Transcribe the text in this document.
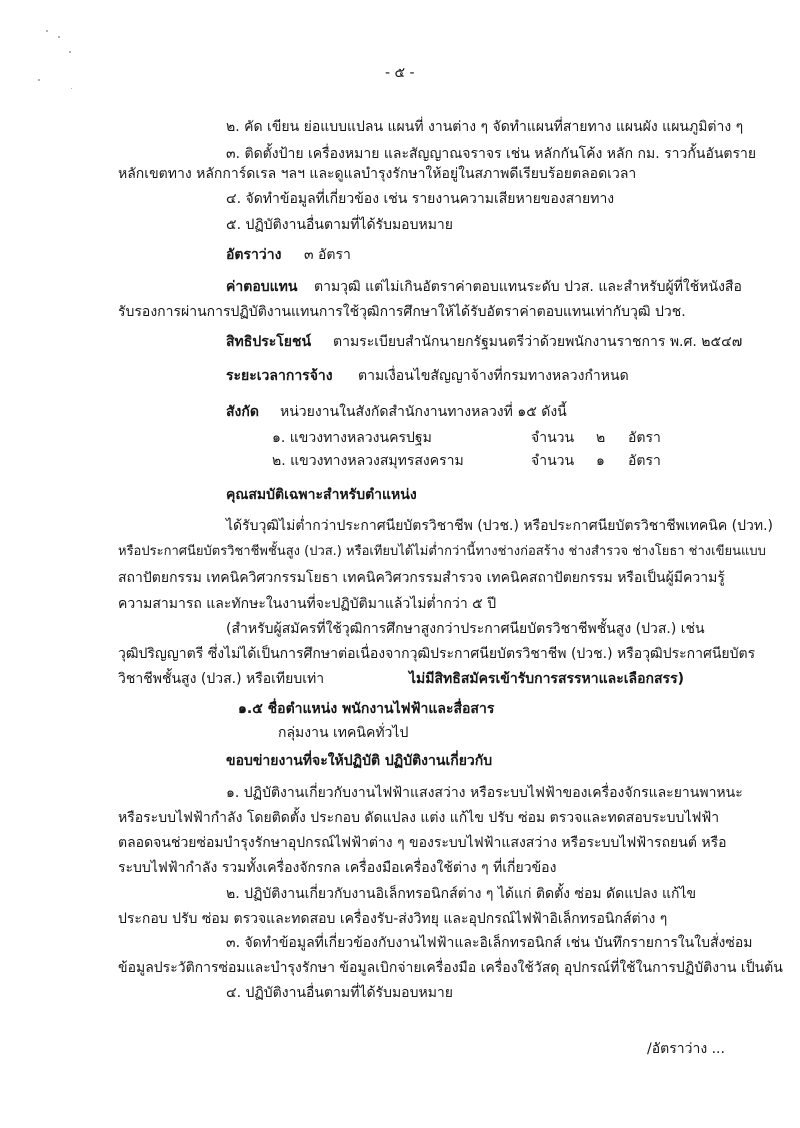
- ๕ -
๒. คัด เขียน ย่อแบบแปลน แผนที่ งานต่าง ๆ จัดทำแผนที่สายทาง แผนผัง แผนภูมิต่าง ๆ
๓. ติดตั้งป้าย เครื่องหมาย และสัญญาณจราจร เช่น หลักกันโค้ง หลัก กม. ราวกั้นอันตราย
หลักเขตทาง หลักการ์ดเรล ฯลฯ และดูแลบำรุงรักษาให้อยู่ในสภาพดีเรียบร้อยตลอดเวลา
๔. จัดทำข้อมูลที่เกี่ยวข้อง เช่น รายงานความเสียหายของสายทาง
๕. ปฏิบัติงานอื่นตามที่ได้รับมอบหมาย
อัตราว่าง ๓ อัตรา
ค่าตอบแทน ตามวุฒิ แต่ไม่เกินอัตราค่าตอบแทนระดับ ปวส. และสำหรับผู้ที่ใช้หนังสือ
รับรองการผ่านการปฏิบัติงานแทนการใช้วุฒิการศึกษาให้ได้รับอัตราค่าตอบแทนเท่ากับวุฒิ ปวช.
สิทธิประโยชน์ ตามระเบียบสำนักนายกรัฐมนตรีว่าด้วยพนักงานราชการ พ.ศ. ๒๕๔๗
ระยะเวลาการจ้าง ตามเงื่อนไขสัญญาจ้างที่กรมทางหลวงกำหนด
สังกัด หน่วยงานในสังกัดสำนักงานทางหลวงที่ ๑๕ ดังนี้
๑. แขวงทางหลวงนครปฐม	จำนวน ๒ อัตรา
๒. แขวงทางหลวงสมุทรสงคราม	จำนวน ๑ อัตรา
คุณสมบัติเฉพาะสำหรับตำแหน่ง
ได้รับวุฒิไม่ต่ำกว่าประกาศนียบัตรวิชาชีพ (ปวช.) หรือประกาศนียบัตรวิชาชีพเทคนิค (ปวท.)
หรือประกาศนียบัตรวิชาชีพชั้นสูง (ปวส.) หรือเทียบได้ไม่ต่ำกว่านี้ทางช่างก่อสร้าง ช่างสำรวจ ช่างโยธา ช่างเขียนแบบ
สถาปัตยกรรม เทคนิควิศวกรรมโยธา เทคนิควิศวกรรมสำรวจ เทคนิคสถาปัตยกรรม หรือเป็นผู้มีความรู้
ความสามารถ และทักษะในงานที่จะปฏิบัติมาแล้วไม่ต่ำกว่า ๕ ปี
(สำหรับผู้สมัครที่ใช้วุฒิการศึกษาสูงกว่าประกาศนียบัตรวิชาชีพชั้นสูง (ปวส.) เช่น
วุฒิปริญญาตรี ซึ่งไม่ได้เป็นการศึกษาต่อเนื่องจากวุฒิประกาศนียบัตรวิชาชีพ (ปวช.) หรือวุฒิประกาศนียบัตร
วิชาชีพชั้นสูง (ปวส.) หรือเทียบเท่า	ไม่มีสิทธิสมัครเข้ารับการสรรหาและเลือกสรร)
๑.๕ ชื่อตำแหน่ง พนักงานไฟฟ้าและสื่อสาร
กลุ่มงาน เทคนิคทั่วไป
ขอบข่ายงานที่จะให้ปฏิบัติ ปฏิบัติงานเกี่ยวกับ
๑. ปฏิบัติงานเกี่ยวกับงานไฟฟ้าแสงสว่าง หรือระบบไฟฟ้าของเครื่องจักรและยานพาหนะ
หรือระบบไฟฟ้ากำลัง โดยติดตั้ง ประกอบ ดัดแปลง แต่ง แก้ไข ปรับ ซ่อม ตรวจและทดสอบระบบไฟฟ้า
ตลอดจนช่วยซ่อมบำรุงรักษาอุปกรณ์ไฟฟ้าต่าง ๆ ของระบบไฟฟ้าแสงสว่าง หรือระบบไฟฟ้ารถยนต์ หรือ
ระบบไฟฟ้ากำลัง รวมทั้งเครื่องจักรกล เครื่องมือเครื่องใช้ต่าง ๆ ที่เกี่ยวข้อง
๒. ปฏิบัติงานเกี่ยวกับงานอิเล็กทรอนิกส์ต่าง ๆ ได้แก่ ติดตั้ง ซ่อม ดัดแปลง แก้ไข
ประกอบ ปรับ ซ่อม ตรวจและทดสอบ เครื่องรับ-ส่งวิทยุ และอุปกรณ์ไฟฟ้าอิเล็กทรอนิกส์ต่าง ๆ
๓. จัดทำข้อมูลที่เกี่ยวข้องกับงานไฟฟ้าและอิเล็กทรอนิกส์ เช่น บันทึกรายการในใบสั่งซ่อม
ข้อมูลประวัติการซ่อมและบำรุงรักษา ข้อมูลเบิกจ่ายเครื่องมือ เครื่องใช้วัสดุ อุปกรณ์ที่ใช้ในการปฏิบัติงาน เป็นต้น
๔. ปฏิบัติงานอื่นตามที่ได้รับมอบหมาย
/อัตราว่าง ...
